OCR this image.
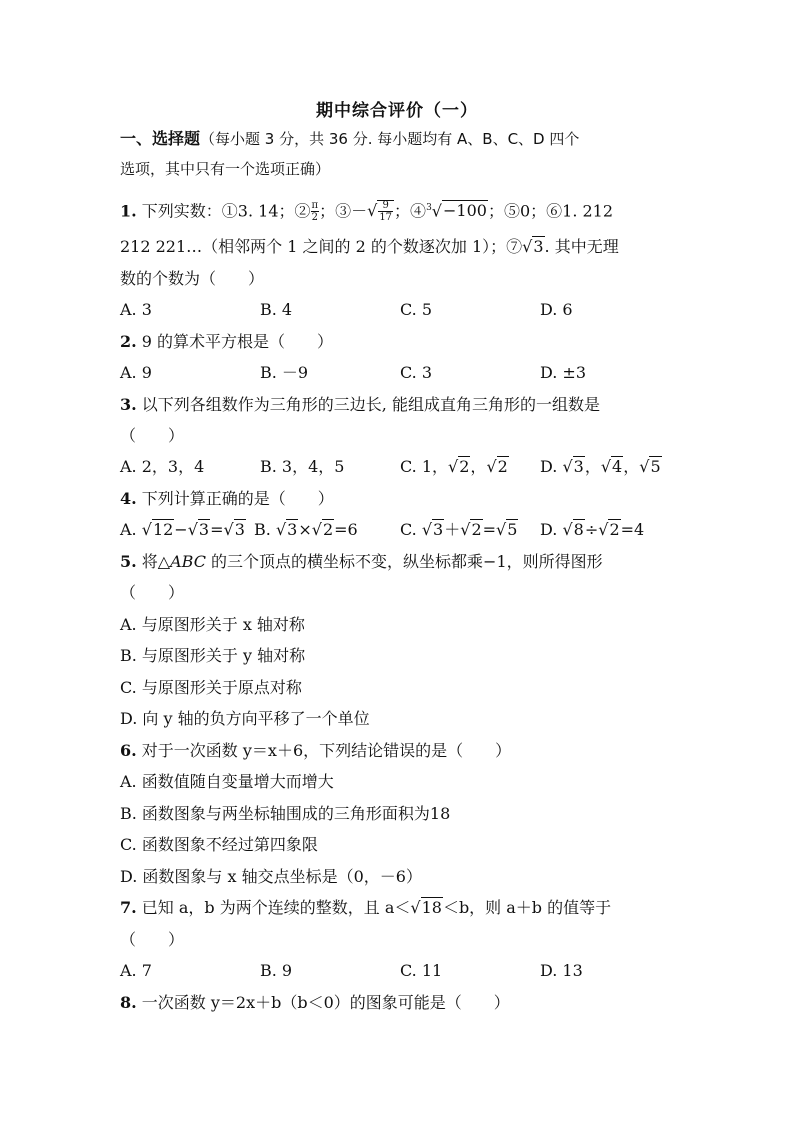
期中综合评价（一）
一、选择题（每小题 3 分，共 36 分. 每小题均有 A、B、C、D 四个
选项，其中只有一个选项正确）
1. 下列实数：①3. 14；② $\frac{\pi}{2}$ ；③－√ $\frac{9}{17}$ ；④$^3$√−100；⑤0；⑥1. 212
212 221…（相邻两个 1 之间的 2 的个数逐次加 1）；⑦√3. 其中无理
数的个数为（　　）
A. 3	B. 4	C. 5	D. 6
2. 9 的算术平方根是（　　）
A. 9	B. －9	C. 3	D. ±3
3. 以下列各组数作为三角形的三边长, 能组成直角三角形的一组数是
（　　）
A. 2，3，4	B. 3，4，5	C. 1，√2，√2 D. √3，√4，√5
4. 下列计算正确的是（　　）
A. √12−√3=√3 B. √3×√2=6	C. √3＋√2=√5 D. √8÷√2=4
5. 将△ABC 的三个顶点的横坐标不变，纵坐标都乘−1，则所得图形
（　　）
A. 与原图形关于 x 轴对称
B. 与原图形关于 y 轴对称
C. 与原图形关于原点对称
D. 向 y 轴的负方向平移了一个单位
6. 对于一次函数 y＝x＋6，下列结论错误的是（　　）
A. 函数值随自变量增大而增大
B. 函数图象与两坐标轴围成的三角形面积为18
C. 函数图象不经过第四象限
D. 函数图象与 x 轴交点坐标是（0，－6）
7. 已知 a，b 为两个连续的整数，且 a＜√18＜b，则 a＋b 的值等于
（　　）
A. 7	B. 9	C. 11	D. 13
8. 一次函数 y＝2x＋b（b＜0）的图象可能是（　　）
